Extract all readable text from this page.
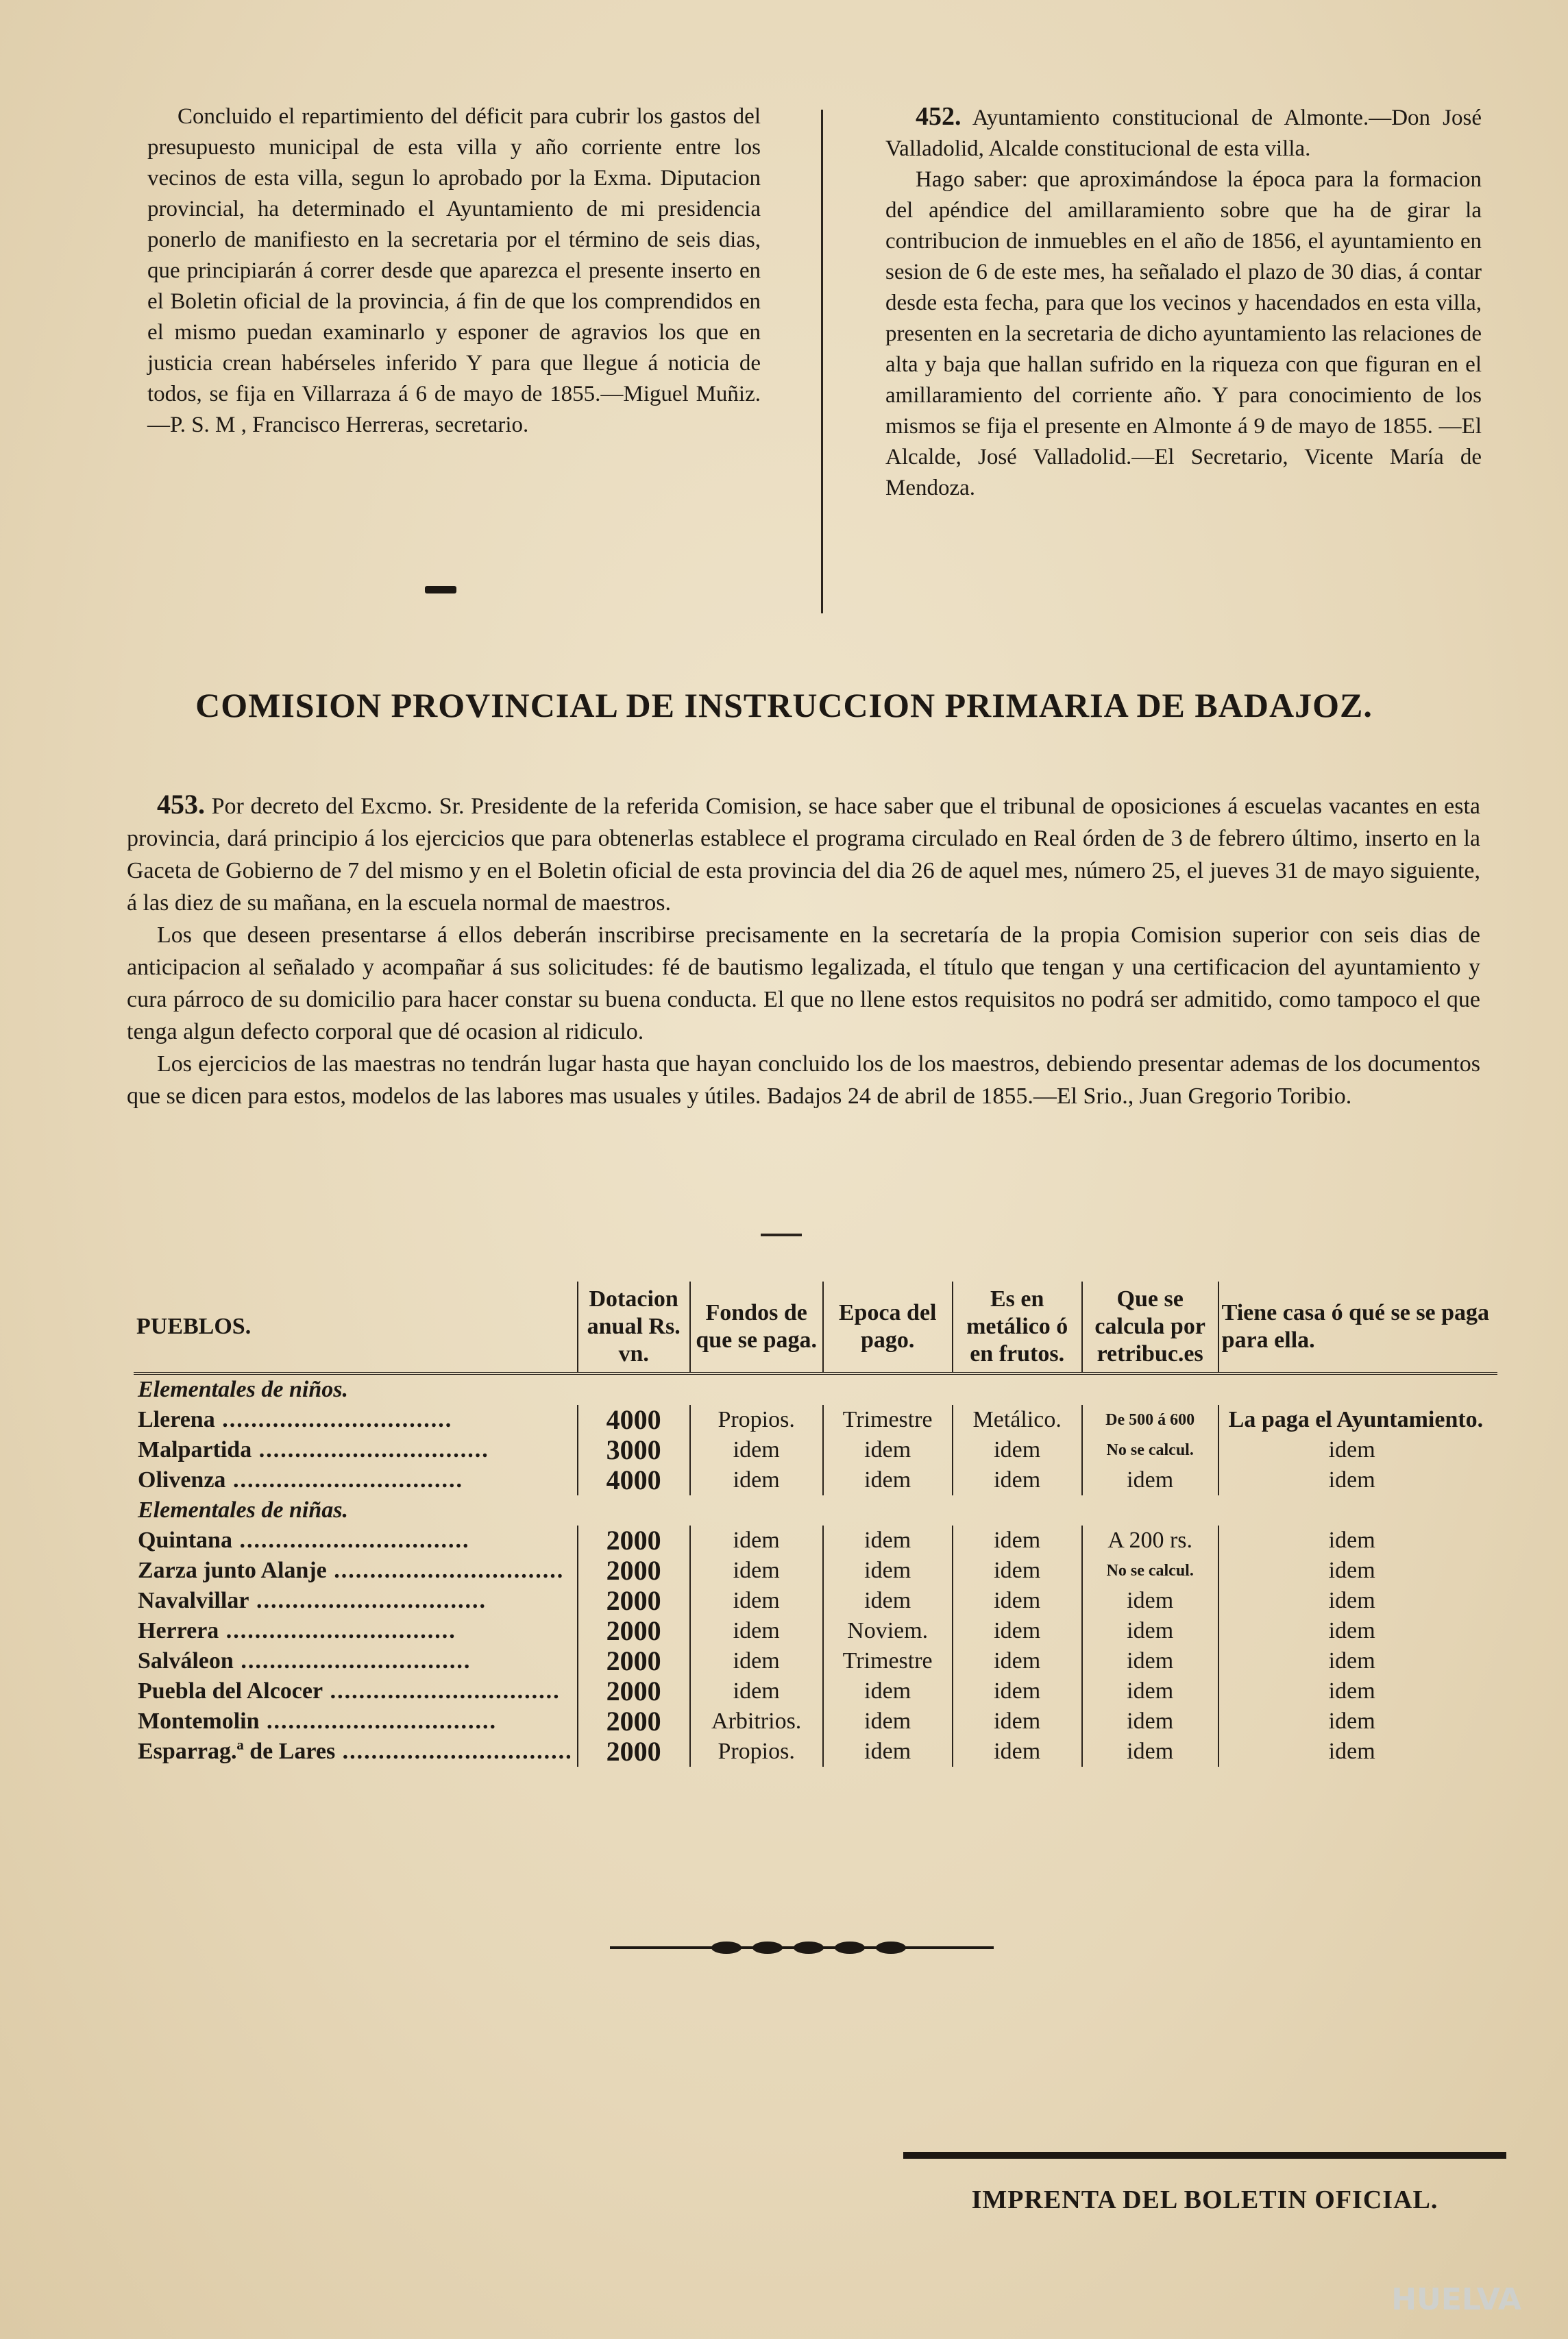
Concluido el repartimiento del déficit para cubrir los gastos del presupuesto municipal de esta villa y año corriente entre los vecinos de esta villa, segun lo aprobado por la Exma. Diputacion provincial, ha determinado el Ayuntamiento de mi presidencia ponerlo de manifiesto en la secretaria por el término de seis dias, que principiarán á correr desde que aparezca el presente inserto en el Boletin oficial de la provincia, á fin de que los comprendidos en el mismo puedan examinarlo y esponer de agravios los que en justicia crean habérseles inferido Y para que llegue á noticia de todos, se fija en Villarraza á 6 de mayo de 1855.—Miguel Muñiz.—P. S. M , Francisco Herreras, secretario.

452. Ayuntamiento constitucional de Almonte.—Don José Valladolid, Alcalde constitucional de esta villa.

Hago saber: que aproximándose la época para la formacion del apéndice del amillaramiento sobre que ha de girar la contribucion de inmuebles en el año de 1856, el ayuntamiento en sesion de 6 de este mes, ha señalado el plazo de 30 dias, á contar desde esta fecha, para que los vecinos y hacendados en esta villa, presenten en la secretaria de dicho ayuntamiento las relaciones de alta y baja que hallan sufrido en la riqueza con que figuran en el amillaramiento del corriente año. Y para conocimiento de los mismos se fija el presente en Almonte á 9 de mayo de 1855. —El Alcalde, José Valladolid.—El Secretario, Vicente María de Mendoza.

COMISION PROVINCIAL DE INSTRUCCION PRIMARIA DE BADAJOZ.

453. Por decreto del Excmo. Sr. Presidente de la referida Comision, se hace saber que el tribunal de oposiciones á escuelas vacantes en esta provincia, dará principio á los ejercicios que para obtenerlas establece el programa circulado en Real órden de 3 de febrero último, inserto en la Gaceta de Gobierno de 7 del mismo y en el Boletin oficial de esta provincia del dia 26 de aquel mes, número 25, el jueves 31 de mayo siguiente, á las diez de su mañana, en la escuela normal de maestros.

Los que deseen presentarse á ellos deberán inscribirse precisamente en la secretaría de la propia Comision superior con seis dias de anticipacion al señalado y acompañar á sus solicitudes: fé de bautismo legalizada, el título que tengan y una certificacion del ayuntamiento y cura párroco de su domicilio para hacer constar su buena conducta. El que no llene estos requisitos no podrá ser admitido, como tampoco el que tenga algun defecto corporal que dé ocasion al ridiculo.

Los ejercicios de las maestras no tendrán lugar hasta que hayan concluido los de los maestros, debiendo presentar ademas de los documentos que se dicen para estos, modelos de las labores mas usuales y útiles. Badajos 24 de abril de 1855.—El Srio., Juan Gregorio Toribio.

PUEBLOS.	Dotacion anual Rs. vn.	Fondos de que se paga.	Epoca del pago.	Es en metálico ó en frutos.	Que se calcula por retribuc.es	Tiene casa ó qué se se paga para ella.
Elementales de niños.						

Llerena .....	4000	Propios.	Trimestre	Metálico.	De 500 á 600	La paga el Ayuntamiento.

Malpartida .....	3000	idem	idem	idem	No se calcul.	idem

Olivenza .....	4000	idem	idem	idem	idem	idem
Elementales de niñas.						

Quintana .....	2000	idem	idem	idem	A 200 rs.	idem

Zarza junto Alanje .....	2000	idem	idem	idem	No se calcul.	idem

Navalvillar .....	2000	idem	idem	idem	idem	idem

Herrera .....	2000	idem	Noviem.	idem	idem	idem

Salváleon .....	2000	idem	Trimestre	idem	idem	idem

Puebla del Alcocer .....	2000	idem	idem	idem	idem	idem

Montemolin .....	2000	Arbitrios.	idem	idem	idem	idem

Esparrag.ª de Lares .....	2000	Propios.	idem	idem	idem	idem
IMPRENTA DEL BOLETIN OFICIAL.
HUELVA
